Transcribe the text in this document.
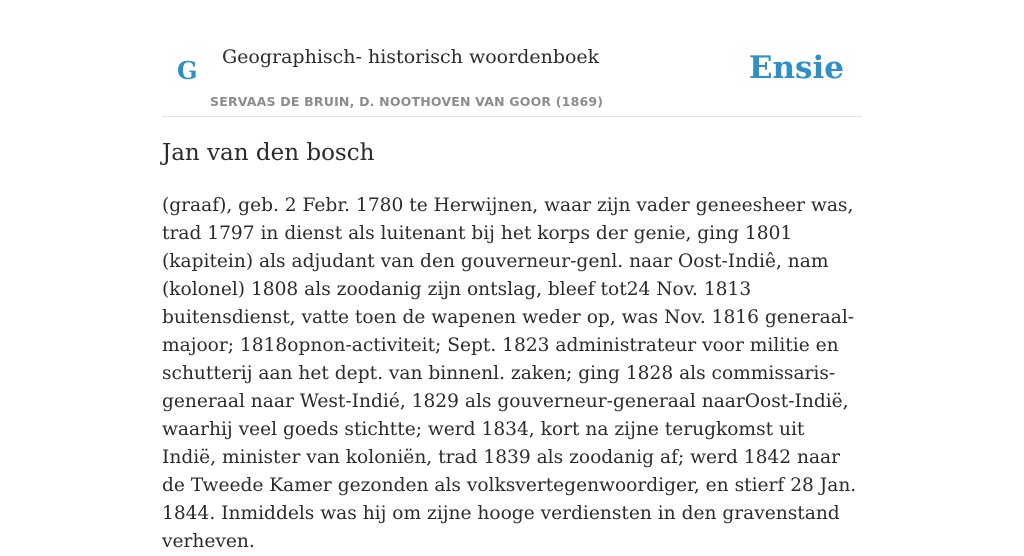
G Geographisch- historisch woordenboek
SERVAAS DE BRUIN, D. NOOTHOVEN VAN GOOR (1869)
Ensie
Jan van den bosch

(graaf), geb. 2 Febr. 1780 te Herwijnen, waar zijn vader geneesheer was, trad 1797 in dienst als luitenant bij het korps der genie, ging 1801 (kapitein) als adjudant van den gouverneur-genl. naar Oost-Indiê, nam (kolonel) 1808 als zoodanig zijn ontslag, bleef tot24 Nov. 1813 buitensdienst, vatte toen de wapenen weder op, was Nov. 1816 generaal-majoor; 1818opnon-activiteit; Sept. 1823 administrateur voor militie en schutterij aan het dept. van binnenl. zaken; ging 1828 als commissaris-generaal naar West-Indié, 1829 als gouverneur-generaal naarOost-Indië, waarhij veel goeds stichtte; werd 1834, kort na zijne terugkomst uit Indië, minister van koloniën, trad 1839 als zoodanig af; werd 1842 naar de Tweede Kamer gezonden als volksvertegenwoordiger, en stierf 28 Jan. 1844. Inmiddels was hij om zijne hooge verdiensten in den gravenstand verheven.
